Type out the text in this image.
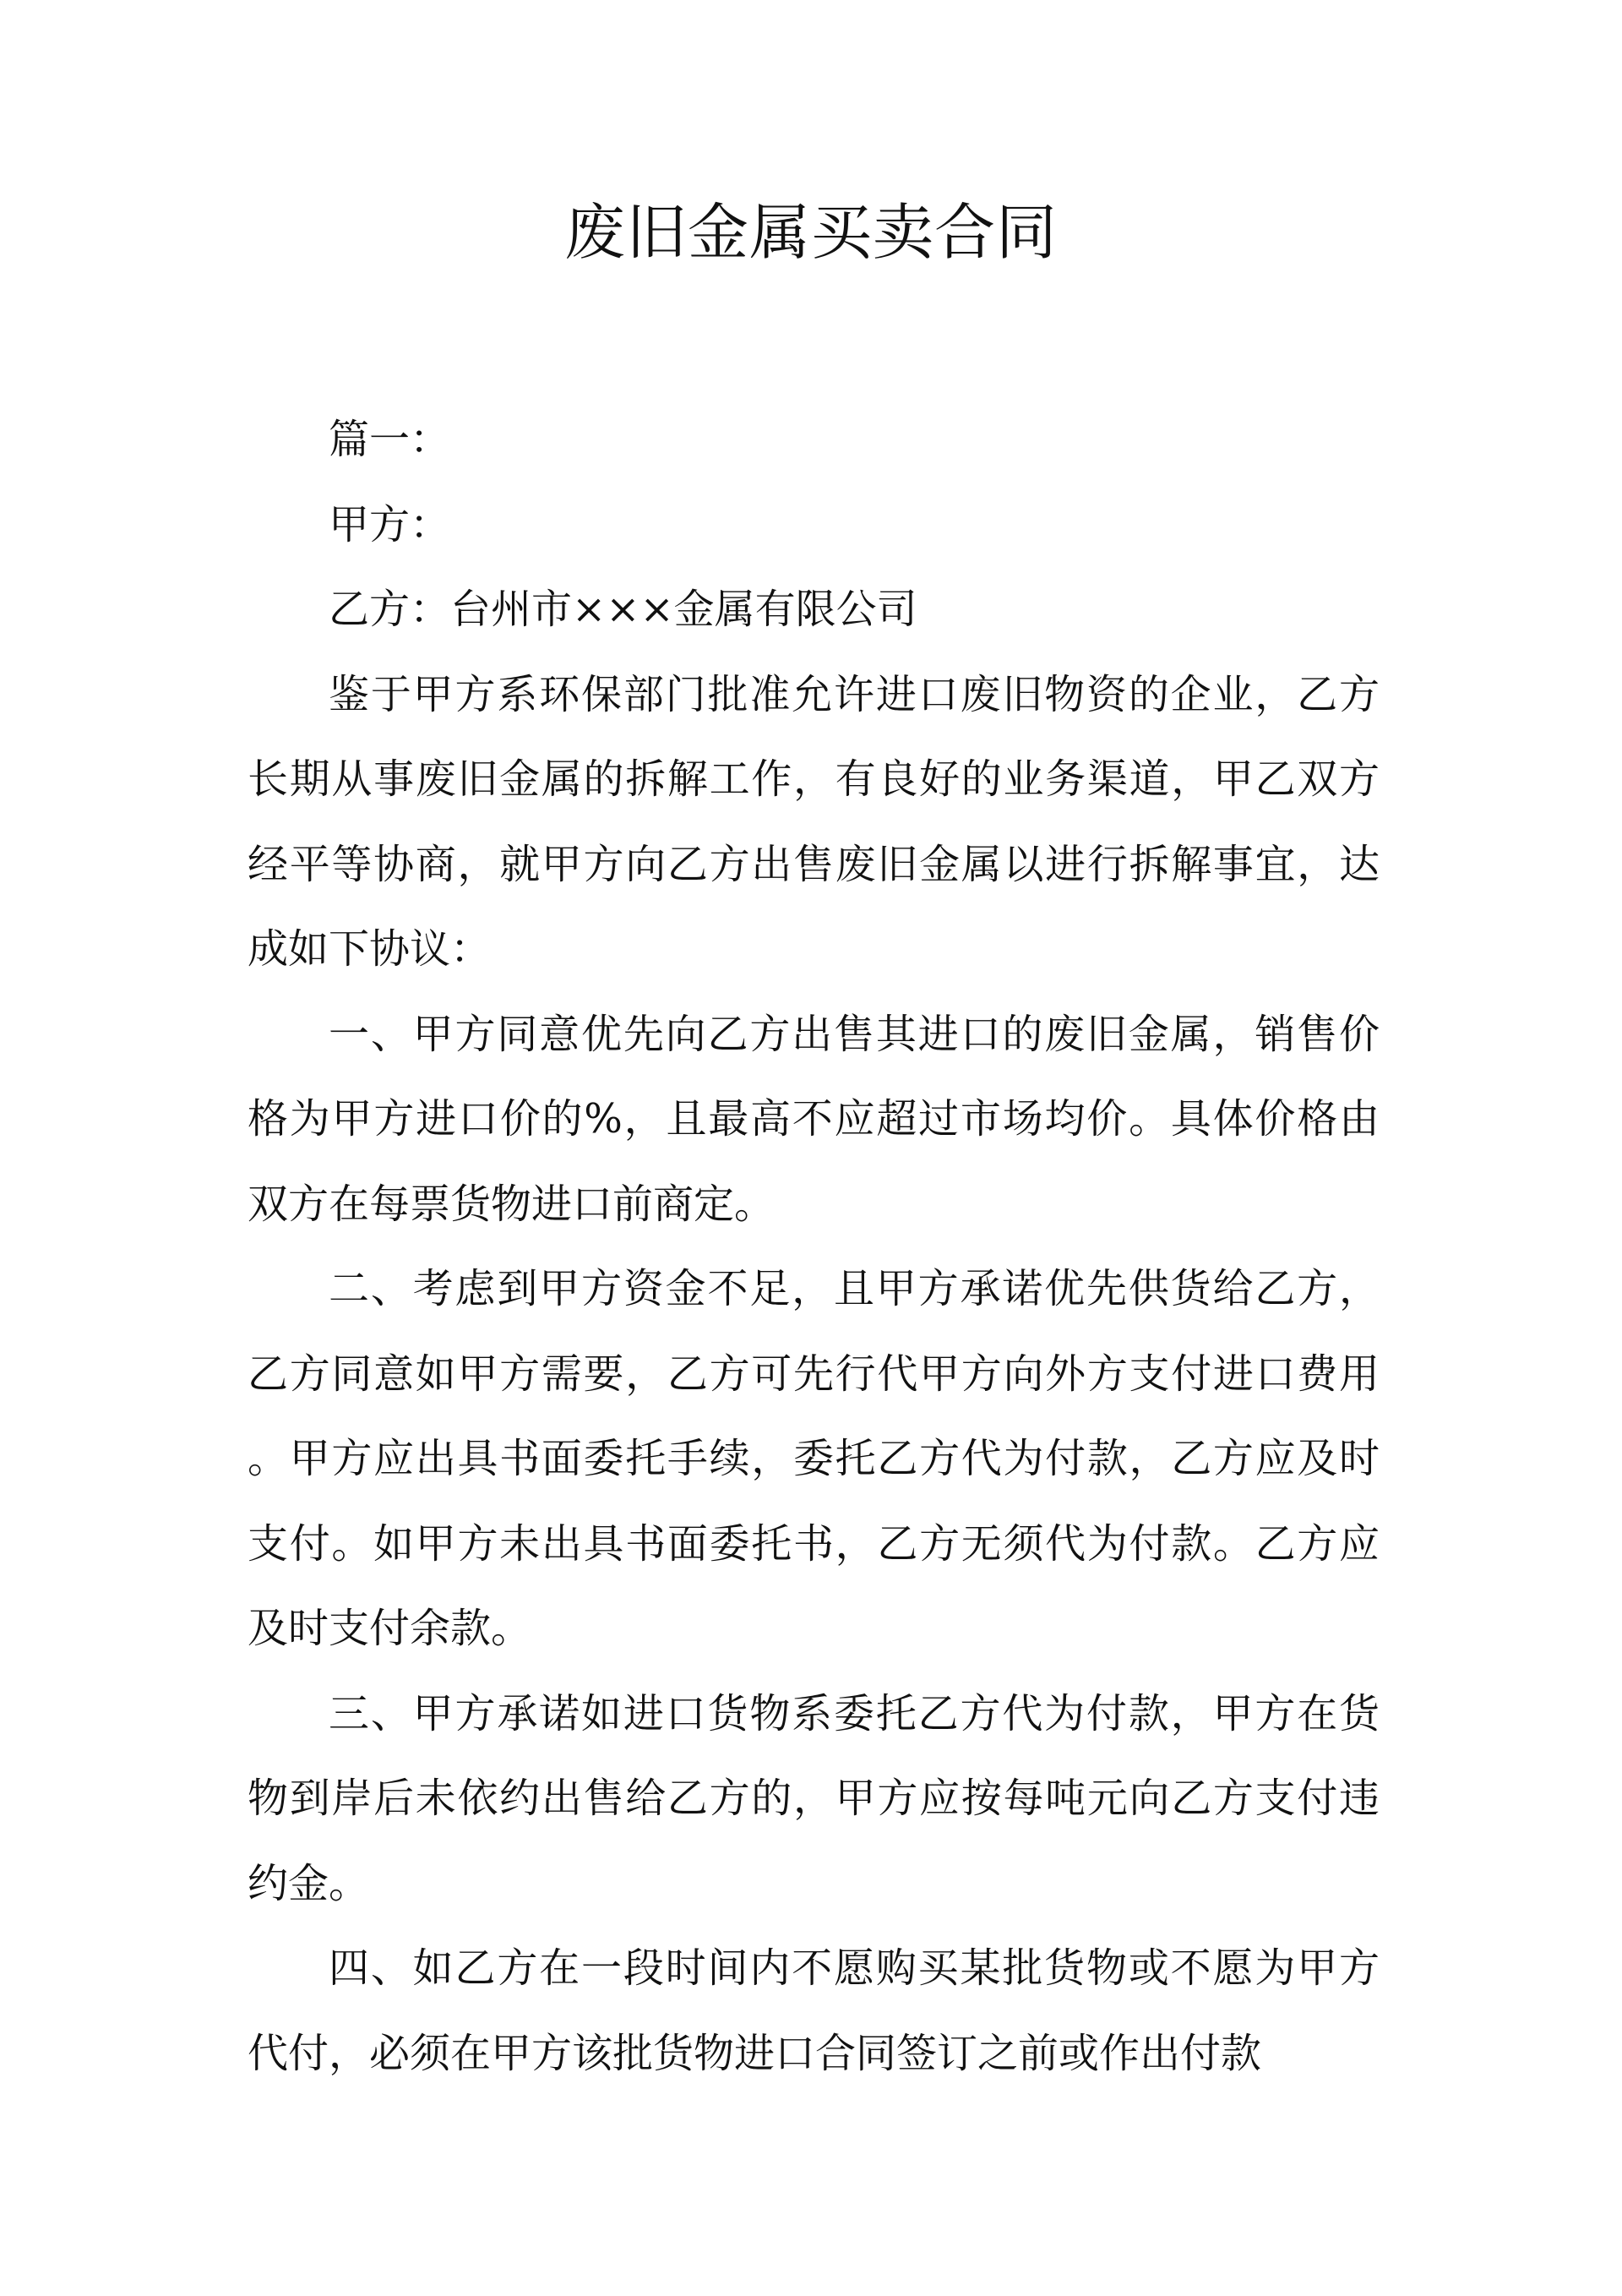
废旧金属买卖合同

篇一：

甲方：

乙方：台州市×××金属有限公司

鉴于甲方系环保部门批准允许进口废旧物资的企业，乙方长期从事废旧金属的拆解工作，有良好的业务渠道，甲乙双方经平等协商，就甲方向乙方出售废旧金属以进行拆解事宜，达成如下协议：

一、甲方同意优先向乙方出售其进口的废旧金属，销售价格为甲方进口价的%，且最高不应超过市场均价。具体价格由双方在每票货物进口前商定。

二、考虑到甲方资金不足，且甲方承诺优先供货给乙方，乙方同意如甲方需要，乙方可先行代甲方向外方支付进口费用。甲方应出具书面委托手续，委托乙方代为付款，乙方应及时支付。如甲方未出具书面委托书，乙方无须代为付款。乙方应及时支付余款。

三、甲方承诺如进口货物系委托乙方代为付款，甲方在货物到岸后未依约出售给乙方的，甲方应按每吨元向乙方支付违约金。

四、如乙方在一段时间内不愿购买某批货物或不愿为甲方代付，必须在甲方该批货物进口合同签订之前或作出付款
